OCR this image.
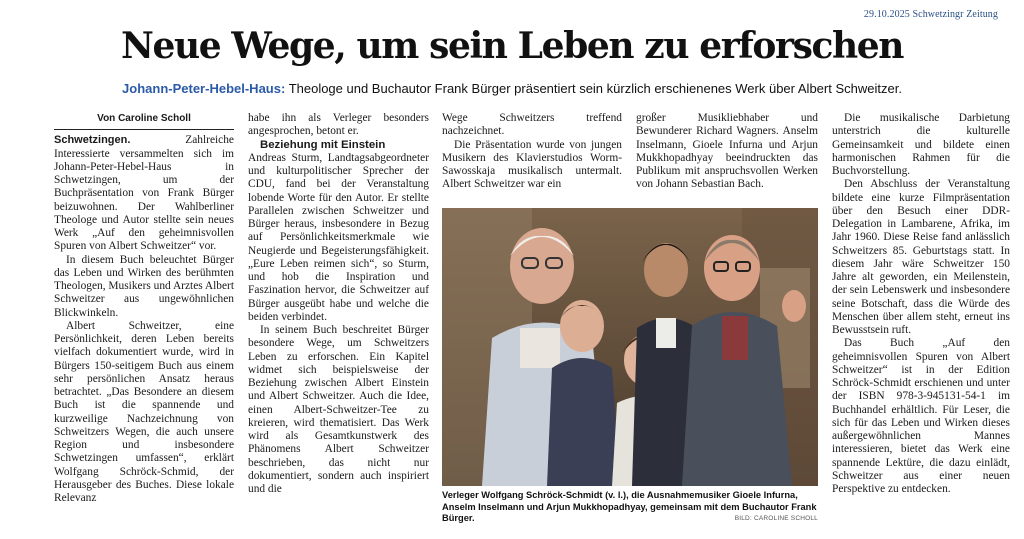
29.10.2025 Schwetzingr Zeitung
Neue Wege, um sein Leben zu erforschen
Johann-Peter-Hebel-Haus: Theologe und Buchautor Frank Bürger präsentiert sein kürzlich erschienenes Werk über Albert Schweitzer.
Von Caroline Scholl

Schwetzingen.	Zahlreiche Interessierte versammelten sich im Johann-Peter-Hebel-Haus in Schwetzingen, um der Buchpräsentation von Frank Bürger beizuwohnen. Der Wahlberliner Theologe und Autor stellte sein neues Werk „Auf den geheimnisvollen Spuren von Albert Schweitzer“ vor.

In diesem Buch beleuchtet Bürger das Leben und Wirken des berühmten Theologen, Musikers und Arztes Albert Schweitzer aus ungewöhnlichen Blickwinkeln.

Albert Schweitzer, eine Persönlichkeit, deren Leben bereits vielfach dokumentiert wurde, wird in Bürgers 150-seitigem Buch aus einem sehr persönlichen Ansatz heraus betrachtet. „Das Besondere an diesem Buch ist die spannende und kurzweilige Nachzeichnung von Schweitzers Wegen, die auch unsere Region und insbesondere Schwetzingen umfassen“, erklärt Wolfgang Schröck-Schmid, der Herausgeber des Buches. Diese lokale Relevanz

habe ihn als Verleger besonders angesprochen, betont er.

Beziehung mit Einstein

Andreas Sturm, Landtagsabgeordneter und kulturpolitischer Sprecher der CDU, fand bei der Veranstaltung lobende Worte für den Autor. Er stellte Parallelen zwischen Schweitzer und Bürger heraus, insbesondere in Bezug auf Persönlichkeitsmerkmale wie Neugierde und Begeisterungsfähigkeit. „Eure Leben reimen sich“, so Sturm, und hob die Inspiration und Faszination hervor, die Schweitzer auf Bürger ausgeübt habe und welche die beiden verbindet.

In seinem Buch beschreitet Bürger besondere Wege, um Schweitzers Leben zu erforschen. Ein Kapitel widmet sich beispielsweise der Beziehung zwischen Albert Einstein und Albert Schweitzer. Auch die Idee, einen Albert-Schweitzer-Tee zu kreieren, wird thematisiert. Das Werk wird als Gesamtkunstwerk des Phänomens Albert Schweitzer beschrieben, das nicht nur dokumentiert, sondern auch inspiriert und die

Wege Schweitzers treffend nachzeichnet.

Die Präsentation wurde von jungen Musikern des Klavierstudios Worm-Sawosskaja musikalisch untermalt. Albert Schweitzer war ein

großer Musikliebhaber und Bewunderer Richard Wagners. Anselm Inselmann, Gioele Infurna und Arjun Mukkhopadhyay beeindruckten das Publikum mit anspruchsvollen Werken von Johann Sebastian Bach.

Die musikalische Darbietung unterstrich die kulturelle Gemeinsamkeit und bildete einen harmonischen Rahmen für die Buchvorstellung.

Den Abschluss der Veranstaltung bildete eine kurze Filmpräsentation über den Besuch einer DDR-Delegation in Lambarene, Afrika, im Jahr 1960. Diese Reise fand anlässlich Schweitzers 85. Geburtstags statt. In diesem Jahr wäre Schweitzer 150 Jahre alt geworden, ein Meilenstein, der sein Lebenswerk und insbesondere seine Botschaft, dass die Würde des Menschen über allem steht, erneut ins Bewusstsein ruft.

Das Buch „Auf den geheimnisvollen Spuren von Albert Schweitzer“ ist in der Edition Schröck-Schmidt erschienen und unter der ISBN 978-3-945131-54-1 im Buchhandel erhältlich. Für Leser, die sich für das Leben und Wirken dieses außergewöhnlichen Mannes interessieren, bietet das Werk eine spannende Lektüre, die dazu einlädt, Schweitzer aus einer neuen Perspektive zu entdecken.

Verleger Wolfgang Schröck-Schmidt (v. l.), die Ausnahmemusiker Gioele Infurna, Anselm Inselmann und Arjun Mukkhopadhyay, gemeinsam mit dem Buchautor Frank Bürger.	BILD: CAROLINE SCHOLL
